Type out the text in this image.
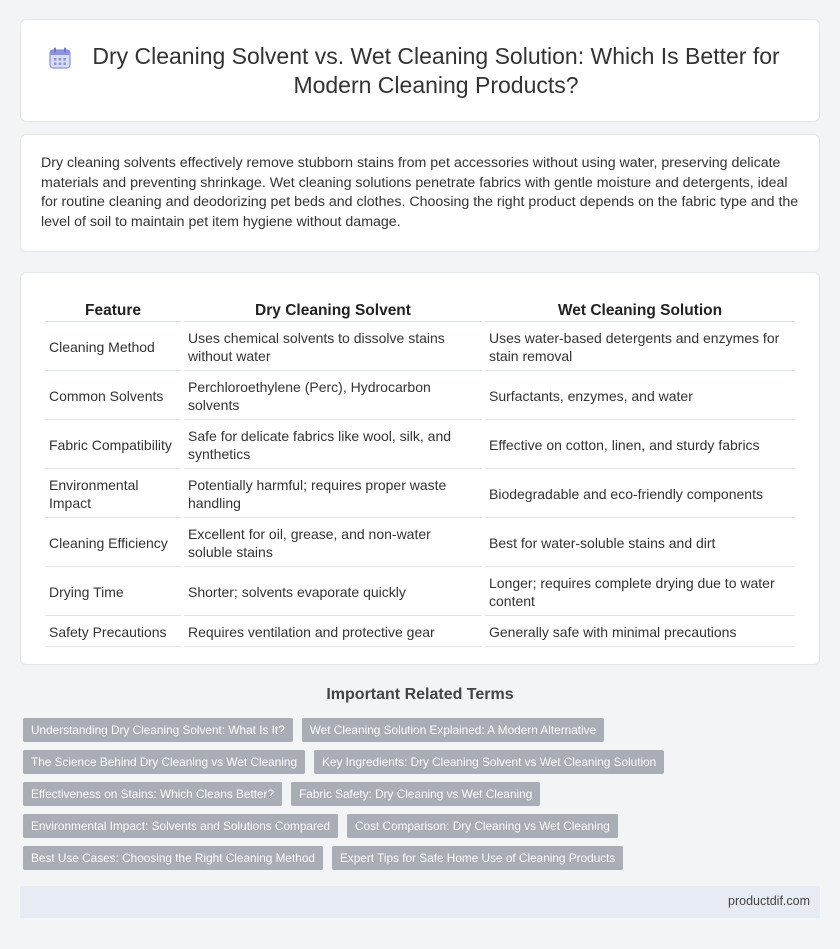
Dry Cleaning Solvent vs. Wet Cleaning Solution: Which Is Better for Modern Cleaning Products?

Dry cleaning solvents effectively remove stubborn stains from pet accessories without using water, preserving delicate materials and preventing shrinkage. Wet cleaning solutions penetrate fabrics with gentle moisture and detergents, ideal for routine cleaning and deodorizing pet beds and clothes. Choosing the right product depends on the fabric type and the level of soil to maintain pet item hygiene without damage.

Feature	Dry Cleaning Solvent	Wet Cleaning Solution
Cleaning Method	Uses chemical solvents to dissolve stains without water	Uses water-based detergents and enzymes for stain removal
Common Solvents	Perchloroethylene (Perc), Hydrocarbon solvents	Surfactants, enzymes, and water
Fabric Compatibility	Safe for delicate fabrics like wool, silk, and synthetics	Effective on cotton, linen, and sturdy fabrics
Environmental Impact	Potentially harmful; requires proper waste handling	Biodegradable and eco-friendly components
Cleaning Efficiency	Excellent for oil, grease, and non-water soluble stains	Best for water-soluble stains and dirt
Drying Time	Shorter; solvents evaporate quickly	Longer; requires complete drying due to water content
Safety Precautions	Requires ventilation and protective gear	Generally safe with minimal precautions
Important Related Terms
Understanding Dry Cleaning Solvent: What Is It?	Wet Cleaning Solution Explained: A Modern Alternative
The Science Behind Dry Cleaning vs Wet Cleaning	Key Ingredients: Dry Cleaning Solvent vs Wet Cleaning Solution
Effectiveness on Stains: Which Cleans Better?	Fabric Safety: Dry Cleaning vs Wet Cleaning
Environmental Impact: Solvents and Solutions Compared	Cost Comparison: Dry Cleaning vs Wet Cleaning
Best Use Cases: Choosing the Right Cleaning Method	Expert Tips for Safe Home Use of Cleaning Products
productdif.com
